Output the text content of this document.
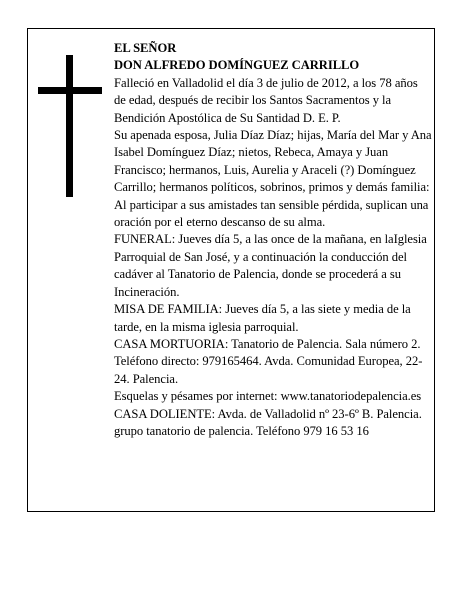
EL SEÑOR

DON ALFREDO DOMÍNGUEZ CARRILLO

Falleció en Valladolid el día 3 de julio de 2012, a los 78 años de edad, después de recibir los Santos Sacramentos y la Bendición Apostólica de Su Santidad D. E. P.

Su apenada esposa, Julia Díaz Díaz; hijas, María del Mar y Ana Isabel Domínguez Díaz; nietos, Rebeca, Amaya y Juan Francisco; hermanos, Luis, Aurelia y Araceli (?) Domínguez Carrillo; hermanos políticos, sobrinos, primos y demás familia:

Al participar a sus amistades tan sensible pérdida, suplican una oración por el eterno descanso de su alma.

FUNERAL: Jueves día 5, a las once de la mañana, en laIglesia Parroquial de San José, y a continuación la conducción del cadáver al Tanatorio de Palencia, donde se procederá a su Incineración.

MISA DE FAMILIA: Jueves día 5, a las siete y media de la tarde, en la misma iglesia parroquial.

CASA MORTUORIA: Tanatorio de Palencia. Sala número 2. Teléfono directo: 979165464. Avda. Comunidad Europea, 22-24. Palencia.

Esquelas y pésames por internet: www.tanatoriodepalencia.es

CASA DOLIENTE: Avda. de Valladolid nº 23-6º B. Palencia.

grupo tanatorio de palencia. Teléfono 979 16 53 16
